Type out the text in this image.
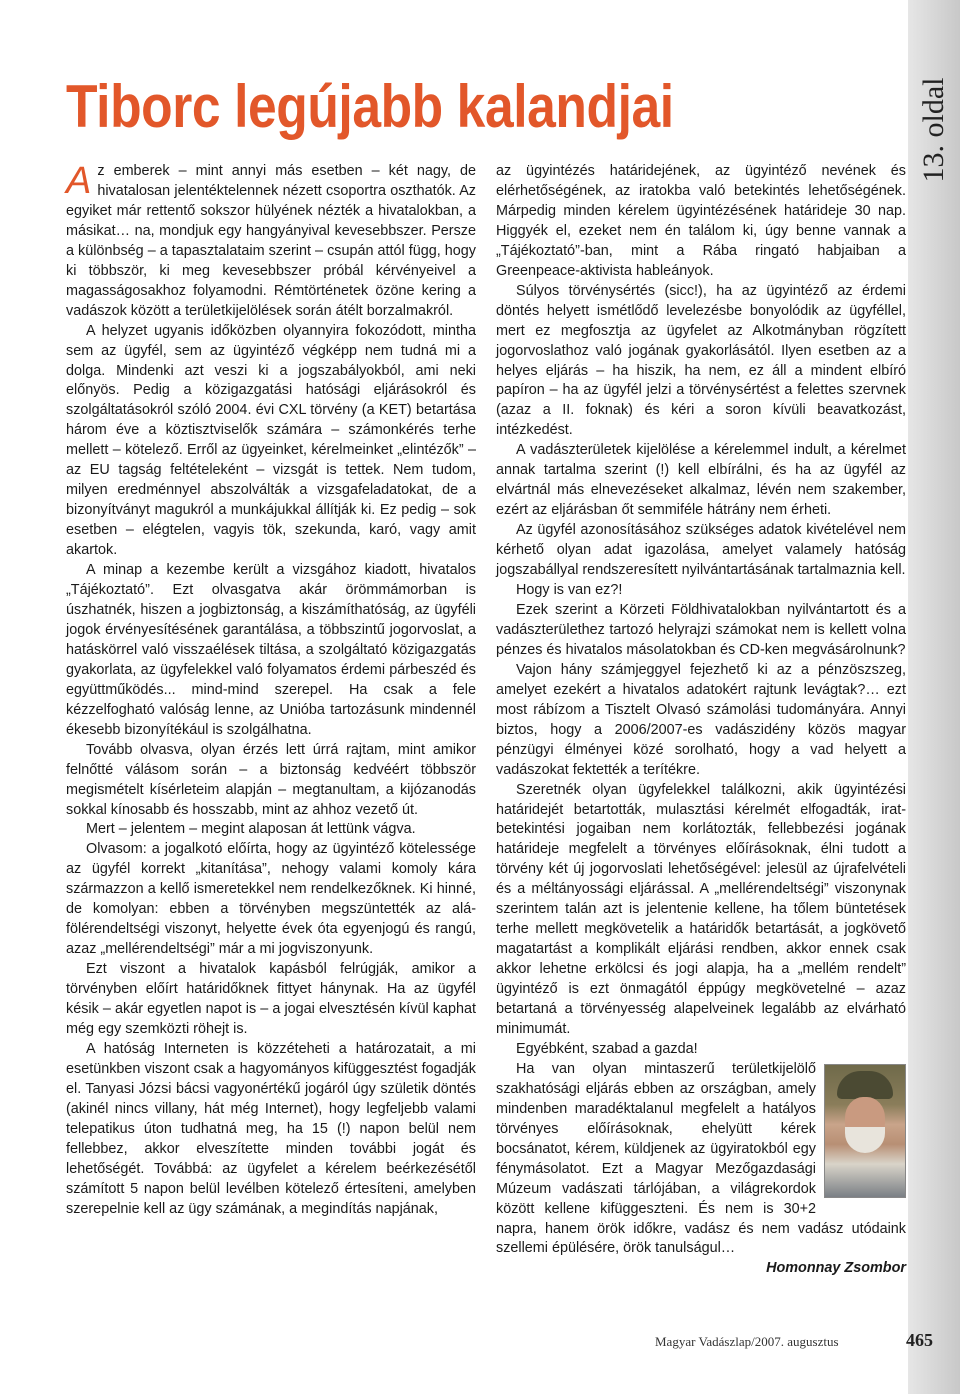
13. oldal
Tiborc legújabb kalandjai

Az emberek – mint annyi más esetben – két nagy, de hivatalosan jelentéktelennek nézett csoportra oszthatók. Az egyiket már rettentő sokszor hülyének nézték a hivatalokban, a másikat… na, mondjuk egy hangyányival kevesebbszer. Persze a különbség – a tapasztalataim szerint – csupán attól függ, hogy ki többször, ki meg kevesebbszer próbál kérvényeivel a magasságosakhoz folyamodni. Rémtörténetek özöne kering a vadászok között a területkijelölések során átélt borzalmakról.

A helyzet ugyanis időközben olyannyira fokozódott, mintha sem az ügyfél, sem az ügyintéző végképp nem tudná mi a dolga. Mindenki azt veszi ki a jogszabályokból, ami neki előnyös. Pedig a közigazgatási hatósági eljárásokról és szolgáltatásokról szóló 2004. évi CXL törvény (a KET) betartása három éve a köztisztviselők számára – számonkérés terhe mellett – kötelező. Erről az ügyeinket, kérelmeinket „elintézők” – az EU tagság feltételeként – vizsgát is tettek. Nem tudom, milyen eredménnyel abszolválták a vizsgafeladatokat, de a bizonyítványt magukról a munkájukkal állítják ki. Ez pedig – sok esetben – elégtelen, vagyis tök, szekunda, karó, vagy amit akartok.

A minap a kezembe került a vizsgához kiadott, hivatalos „Tájékoztató”. Ezt olvasgatva akár örömmámorban is úszhatnék, hiszen a jogbiztonság, a kiszámíthatóság, az ügyféli jogok érvényesítésének garantálása, a többszintű jogorvoslat, a hatáskörrel való visszaélések tiltása, a szolgáltató közigazgatás gyakorlata, az ügyfelekkel való folyamatos érdemi párbeszéd és együttműködés... mind-mind szerepel. Ha csak a fele kézzelfogható valóság lenne, az Unióba tartozásunk mindennél ékesebb bizonyítékául is szolgálhatna.

Tovább olvasva, olyan érzés lett úrrá rajtam, mint amikor felnőtté válásom során – a biztonság kedvéért többször megismételt kísérleteim alapján – megtanultam, a kijózanodás sokkal kínosabb és hosszabb, mint az ahhoz vezető út.

Mert – jelentem – megint alaposan át lettünk vágva.

Olvasom: a jogalkotó előírta, hogy az ügyintéző kötelessége az ügyfél korrekt „kitanítása”, nehogy valami komoly kára származzon a kellő ismeretekkel nem rendelkezőknek. Ki hinné, de komolyan: ebben a törvényben megszüntették az alá- fölérendeltségi viszonyt, helyette évek óta egyenjogú és rangú, azaz „mellérendeltségi” már a mi jogviszonyunk.

Ezt viszont a hivatalok kapásból felrúgják, amikor a törvényben előírt határidőknek fittyet hánynak. Ha az ügyfél késik – akár egyetlen napot is – a jogai elvesztésén kívül kaphat még egy szemközti röhejt is.

A hatóság Interneten is közzéteheti a határozatait, a mi esetünkben viszont csak a hagyományos kifüggesztést fogadják el. Tanyasi Józsi bácsi vagyonértékű jogáról úgy születik döntés (akinél nincs villany, hát még Internet), hogy legfeljebb valami telepatikus úton tudhatná meg, ha 15 (!) napon belül nem fellebbez, akkor elveszítette minden további jogát és lehetőségét. Továbbá: az ügyfelet a kérelem beérkezésétől számított 5 napon belül levélben kötelező értesíteni, amelyben szerepelnie kell az ügy számának, a megindítás napjának,

az ügyintézés határidejének, az ügyintéző nevének és elérhetőségének, az iratokba való betekintés lehetőségének. Márpedig minden kérelem ügyintézésének határideje 30 nap. Higgyék el, ezeket nem én találom ki, úgy benne vannak a „Tájékoztató”-ban, mint a Rába ringató habjaiban a Greenpeace-aktivista hableányok.

Súlyos törvénysértés (sicc!), ha az ügyintéző az érdemi döntés helyett ismétlődő levelezésbe bonyolódik az ügyféllel, mert ez megfosztja az ügyfelet az Alkotmányban rögzített jogorvoslathoz való jogának gyakorlásától. Ilyen esetben az a helyes eljárás – ha hiszik, ha nem, ez áll a mindent elbíró papíron – ha az ügyfél jelzi a törvénysértést a felettes szervnek (azaz a II. foknak) és kéri a soron kívüli beavatkozást, intézkedést.

A vadászterületek kijelölése a kérelemmel indult, a kérelmet annak tartalma szerint (!) kell elbírálni, és ha az ügyfél az elvártnál más elnevezéseket alkalmaz, lévén nem szakember, ezért az eljárásban őt semmiféle hátrány nem érheti.

Az ügyfél azonosításához szükséges adatok kivételével nem kérhető olyan adat igazolása, amelyet valamely hatóság jogszabállyal rendszeresített nyilvántartásának tartalmaznia kell.

Hogy is van ez?!

Ezek szerint a Körzeti Földhivatalokban nyilvántartott és a vadászterülethez tartozó helyrajzi számokat nem is kellett volna pénzes és hivatalos másolatokban és CD-ken megvásárolnunk?

Vajon hány számjeggyel fejezhető ki az a pénzöszszeg, amelyet ezekért a hivatalos adatokért rajtunk levágtak?… ezt most rábízom a Tisztelt Olvasó számolási tudományára. Annyi biztos, hogy a 2006/2007-es vadászidény közös magyar pénzügyi élményei közé sorolható, hogy a vad helyett a vadászokat fektették a terítékre.

Szeretnék olyan ügyfelekkel találkozni, akik ügyintézési határidejét betartották, mulasztási kérelmét elfogadták, irat-betekintési jogaiban nem korlátozták, fellebbezési jogának határideje megfelelt a törvényes előírásoknak, élni tudott a törvény két új jogorvoslati lehetőségével: jelesül az újrafelvételi és a méltányossági eljárással. A „mellérendeltségi” viszonynak szerintem talán azt is jelentenie kellene, ha tőlem büntetések terhe mellett megkövetelik a határidők betartását, a jogkövető magatartást a komplikált eljárási rendben, akkor ennek csak akkor lehetne erkölcsi és jogi alapja, ha a „mellém rendelt” ügyintéző is ezt önmagától éppúgy megkövetelné – azaz betartaná a törvényesség alapelveinek legalább az elvárható minimumát.

Egyébként, szabad a gazda!

Ha van olyan mintaszerű területkijelölő szakhatósági eljárás ebben az országban, amely mindenben maradéktalanul megfelelt a hatályos törvényes előírásoknak, ehelyütt kérek bocsánatot, kérem, küldjenek az ügyiratokból egy fénymásolatot. Ezt a Magyar Mezőgazdasági Múzeum vadászati tárlójában, a világrekordok között kellene kifüggeszteni. És nem is 30+2 napra, hanem örök időkre, vadász és nem vadász utódaink szellemi épülésére, örök tanulságul…

Homonnay Zsombor
Magyar Vadászlap/2007. augusztus	465
